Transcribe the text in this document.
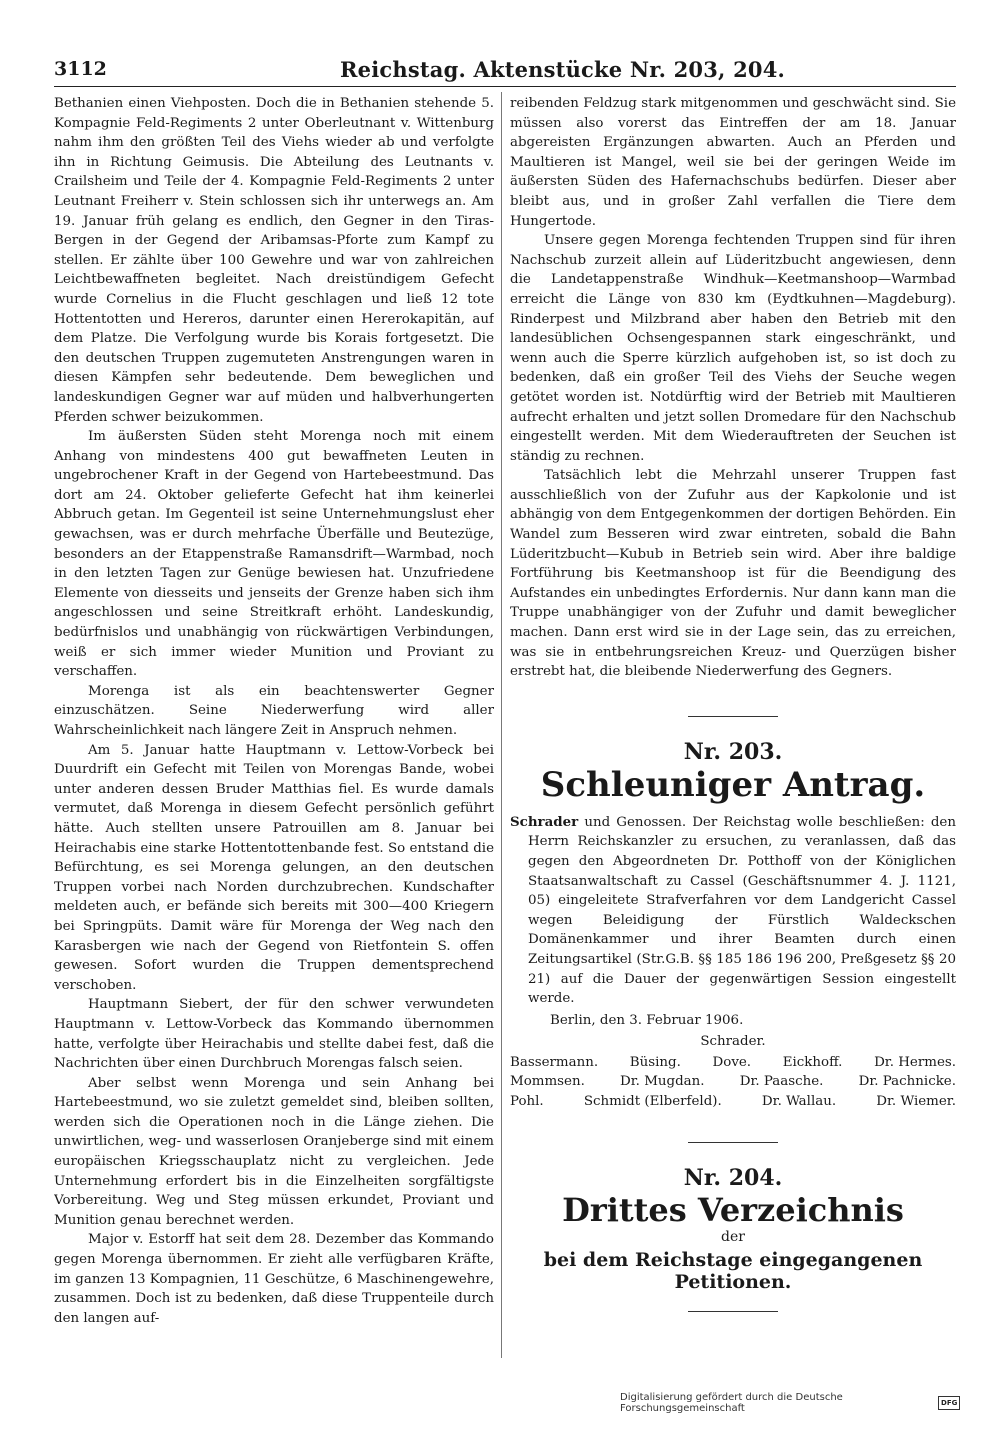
3112	Reichstag. Aktenstücke Nr. 203, 204.

Bethanien einen Viehposten. Doch die in Bethanien stehende 5. Kompagnie Feld-Regiments 2 unter Oberleutnant v. Wittenburg nahm ihm den größten Teil des Viehs wieder ab und verfolgte ihn in Richtung Geimusis. Die Abteilung des Leutnants v. Crailsheim und Teile der 4. Kompagnie Feld-Regiments 2 unter Leutnant Freiherr v. Stein schlossen sich ihr unterwegs an. Am 19. Januar früh gelang es endlich, den Gegner in den Tiras-Bergen in der Gegend der Aribamsas-Pforte zum Kampf zu stellen. Er zählte über 100 Gewehre und war von zahlreichen Leichtbewaffneten begleitet. Nach dreistündigem Gefecht wurde Cornelius in die Flucht geschlagen und ließ 12 tote Hottentotten und Hereros, darunter einen Hererokapitän, auf dem Platze. Die Verfolgung wurde bis Korais fortgesetzt. Die den deutschen Truppen zugemuteten Anstrengungen waren in diesen Kämpfen sehr bedeutende. Dem beweglichen und landeskundigen Gegner war auf müden und halbverhungerten Pferden schwer beizukommen.

Im äußersten Süden steht Morenga noch mit einem Anhang von mindestens 400 gut bewaffneten Leuten in ungebrochener Kraft in der Gegend von Hartebeestmund. Das dort am 24. Oktober gelieferte Gefecht hat ihm keinerlei Abbruch getan. Im Gegenteil ist seine Unternehmungslust eher gewachsen, was er durch mehrfache Überfälle und Beutezüge, besonders an der Etappenstraße Ramansdrift—Warmbad, noch in den letzten Tagen zur Genüge bewiesen hat. Unzufriedene Elemente von diesseits und jenseits der Grenze haben sich ihm angeschlossen und seine Streitkraft erhöht. Landeskundig, bedürfnislos und unabhängig von rückwärtigen Verbindungen, weiß er sich immer wieder Munition und Proviant zu verschaffen.

Morenga ist als ein beachtenswerter Gegner einzuschätzen. Seine Niederwerfung wird aller Wahrscheinlichkeit nach längere Zeit in Anspruch nehmen.

Am 5. Januar hatte Hauptmann v. Lettow-Vorbeck bei Duurdrift ein Gefecht mit Teilen von Morengas Bande, wobei unter anderen dessen Bruder Matthias fiel. Es wurde damals vermutet, daß Morenga in diesem Gefecht persönlich geführt hätte. Auch stellten unsere Patrouillen am 8. Januar bei Heirachabis eine starke Hottentottenbande fest. So entstand die Befürchtung, es sei Morenga gelungen, an den deutschen Truppen vorbei nach Norden durchzubrechen. Kundschafter meldeten auch, er befände sich bereits mit 300—400 Kriegern bei Springpüts. Damit wäre für Morenga der Weg nach den Karasbergen wie nach der Gegend von Rietfontein S. offen gewesen. Sofort wurden die Truppen dementsprechend verschoben.

Hauptmann Siebert, der für den schwer verwundeten Hauptmann v. Lettow-Vorbeck das Kommando übernommen hatte, verfolgte über Heirachabis und stellte dabei fest, daß die Nachrichten über einen Durchbruch Morengas falsch seien.

Aber selbst wenn Morenga und sein Anhang bei Hartebeestmund, wo sie zuletzt gemeldet sind, bleiben sollten, werden sich die Operationen noch in die Länge ziehen. Die unwirtlichen, weg- und wasserlosen Oranjeberge sind mit einem europäischen Kriegsschauplatz nicht zu vergleichen. Jede Unternehmung erfordert bis in die Einzelheiten sorgfältigste Vorbereitung. Weg und Steg müssen erkundet, Proviant und Munition genau berechnet werden.

Major v. Estorff hat seit dem 28. Dezember das Kommando gegen Morenga übernommen. Er zieht alle verfügbaren Kräfte, im ganzen 13 Kompagnien, 11 Geschütze, 6 Maschinengewehre, zusammen. Doch ist zu bedenken, daß diese Truppenteile durch den langen auf-

reibenden Feldzug stark mitgenommen und geschwächt sind. Sie müssen also vorerst das Eintreffen der am 18. Januar abgereisten Ergänzungen abwarten. Auch an Pferden und Maultieren ist Mangel, weil sie bei der geringen Weide im äußersten Süden des Hafernachschubs bedürfen. Dieser aber bleibt aus, und in großer Zahl verfallen die Tiere dem Hungertode.

Unsere gegen Morenga fechtenden Truppen sind für ihren Nachschub zurzeit allein auf Lüderitzbucht angewiesen, denn die Landetappenstraße Windhuk—Keetmanshoop—Warmbad erreicht die Länge von 830 km (Eydtkuhnen—Magdeburg). Rinderpest und Milzbrand aber haben den Betrieb mit den landesüblichen Ochsengespannen stark eingeschränkt, und wenn auch die Sperre kürzlich aufgehoben ist, so ist doch zu bedenken, daß ein großer Teil des Viehs der Seuche wegen getötet worden ist. Notdürftig wird der Betrieb mit Maultieren aufrecht erhalten und jetzt sollen Dromedare für den Nachschub eingestellt werden. Mit dem Wiederauftreten der Seuchen ist ständig zu rechnen.

Tatsächlich lebt die Mehrzahl unserer Truppen fast ausschließlich von der Zufuhr aus der Kapkolonie und ist abhängig von dem Entgegenkommen der dortigen Behörden. Ein Wandel zum Besseren wird zwar eintreten, sobald die Bahn Lüderitzbucht—Kubub in Betrieb sein wird. Aber ihre baldige Fortführung bis Keetmanshoop ist für die Beendigung des Aufstandes ein unbedingtes Erfordernis. Nur dann kann man die Truppe unabhängiger von der Zufuhr und damit beweglicher machen. Dann erst wird sie in der Lage sein, das zu erreichen, was sie in entbehrungsreichen Kreuz- und Querzügen bisher erstrebt hat, die bleibende Niederwerfung des Gegners.

Nr. 203.

Schleuniger Antrag.

Schrader und Genossen. Der Reichstag wolle beschließen: den Herrn Reichskanzler zu ersuchen, zu veranlassen, daß das gegen den Abgeordneten Dr. Potthoff von der Königlichen Staatsanwaltschaft zu Cassel (Geschäftsnummer 4. J. 1121, 05) eingeleitete Strafverfahren vor dem Landgericht Cassel wegen Beleidigung der Fürstlich Waldeckschen Domänenkammer und ihrer Beamten durch einen Zeitungsartikel (Str.G.B. §§ 185 186 196 200, Preßgesetz §§ 20 21) auf die Dauer der gegenwärtigen Session eingestellt werde.

Berlin, den 3. Februar 1906.

Schrader.

Bassermann. Büsing. Dove. Eickhoff. Dr. Hermes.
Mommsen.	Dr. Mugdan.	Dr. Paasche.	Dr. Pachnicke.
Pohl.	Schmidt (Elberfeld).	Dr. Wallau.	Dr. Wiemer.

Nr. 204.

Drittes Verzeichnis

der

bei dem Reichstage eingegangenen Petitionen.

Digitalisierung gefördert durch die Deutsche Forschungsgemeinschaft	DFG
